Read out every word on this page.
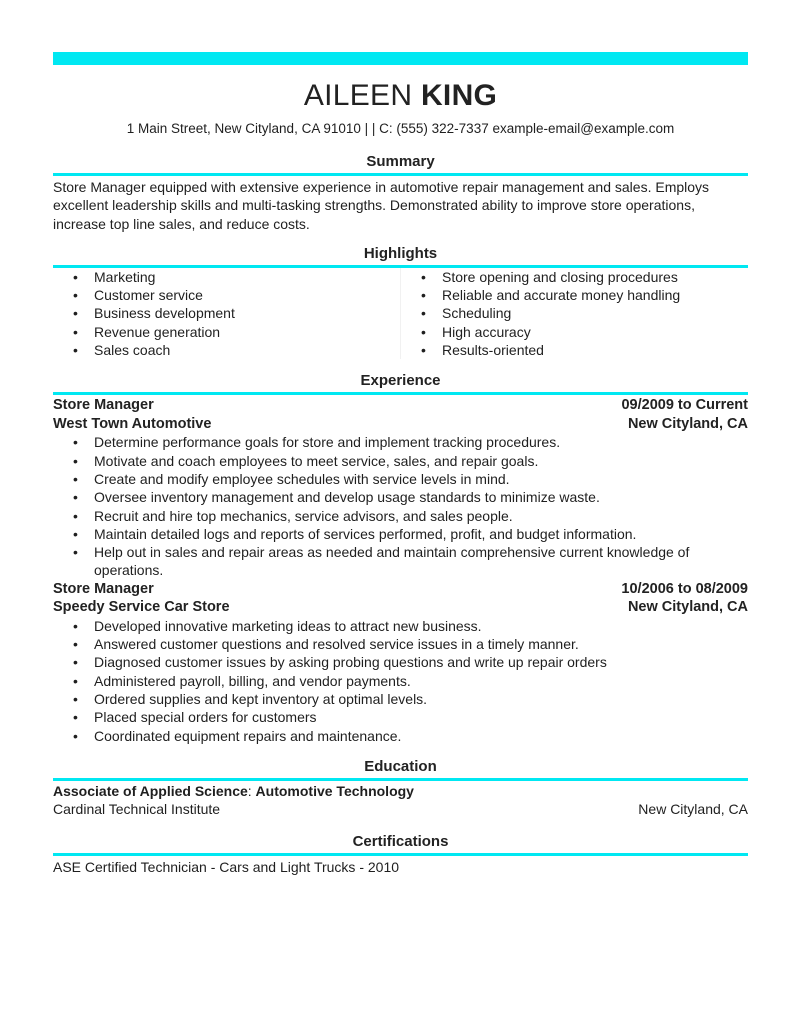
AILEEN KING
1 Main Street, New Cityland, CA 91010 | | C: (555) 322-7337 example-email@example.com
Summary
Store Manager equipped with extensive experience in automotive repair management and sales. Employs excellent leadership skills and multi-tasking strengths. Demonstrated ability to improve store operations, increase top line sales, and reduce costs.
Highlights
• Marketing
• Customer service
• Business development
• Revenue generation
• Sales coach
• Store opening and closing procedures
• Reliable and accurate money handling
• Scheduling
• High accuracy
• Results-oriented
Experience
Store Manager	09/2009 to Current
West Town Automotive	New Cityland, CA
• Determine performance goals for store and implement tracking procedures.
• Motivate and coach employees to meet service, sales, and repair goals.
• Create and modify employee schedules with service levels in mind.
• Oversee inventory management and develop usage standards to minimize waste.
• Recruit and hire top mechanics, service advisors, and sales people.
• Maintain detailed logs and reports of services performed, profit, and budget information.
• Help out in sales and repair areas as needed and maintain comprehensive current knowledge of operations.
Store Manager	10/2006 to 08/2009
Speedy Service Car Store	New Cityland, CA
• Developed innovative marketing ideas to attract new business.
• Answered customer questions and resolved service issues in a timely manner.
• Diagnosed customer issues by asking probing questions and write up repair orders
• Administered payroll, billing, and vendor payments.
• Ordered supplies and kept inventory at optimal levels.
• Placed special orders for customers
• Coordinated equipment repairs and maintenance.
Education
Associate of Applied Science: Automotive Technology
Cardinal Technical Institute	New Cityland, CA
Certifications
ASE Certified Technician - Cars and Light Trucks - 2010
